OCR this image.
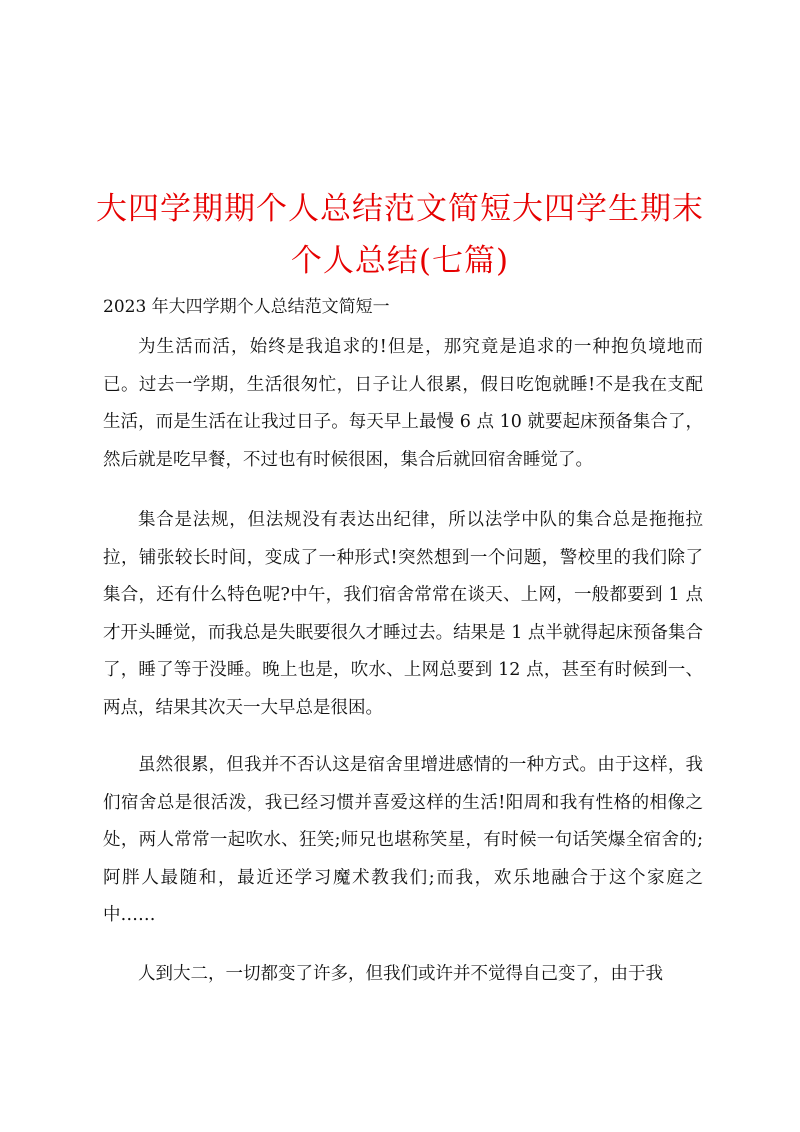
大四学期期个人总结范文简短大四学生期末个人总结(七篇)
2023 年大四学期个人总结范文简短一

为生活而活，始终是我追求的!但是，那究竟是追求的一种抱负境地而已。过去一学期，生活很匆忙，日子让人很累，假日吃饱就睡!不是我在支配生活，而是生活在让我过日子。每天早上最慢 6 点 10 就要起床预备集合了，然后就是吃早餐，不过也有时候很困，集合后就回宿舍睡觉了。

集合是法规，但法规没有表达出纪律，所以法学中队的集合总是拖拖拉拉，铺张较长时间，变成了一种形式!突然想到一个问题，警校里的我们除了集合，还有什么特色呢?中午，我们宿舍常常在谈天、上网，一般都要到 1 点才开头睡觉，而我总是失眠要很久才睡过去。结果是 1 点半就得起床预备集合了，睡了等于没睡。晚上也是，吹水、上网总要到 12 点，甚至有时候到一、两点，结果其次天一大早总是很困。

虽然很累，但我并不否认这是宿舍里增进感情的一种方式。由于这样，我们宿舍总是很活泼，我已经习惯并喜爱这样的生活!阳周和我有性格的相像之处，两人常常一起吹水、狂笑;师兄也堪称笑星，有时候一句话笑爆全宿舍的;阿胖人最随和，最近还学习魔术教我们;而我，欢乐地融合于这个家庭之中……

人到大二，一切都变了许多，但我们或许并不觉得自己变了，由于我
